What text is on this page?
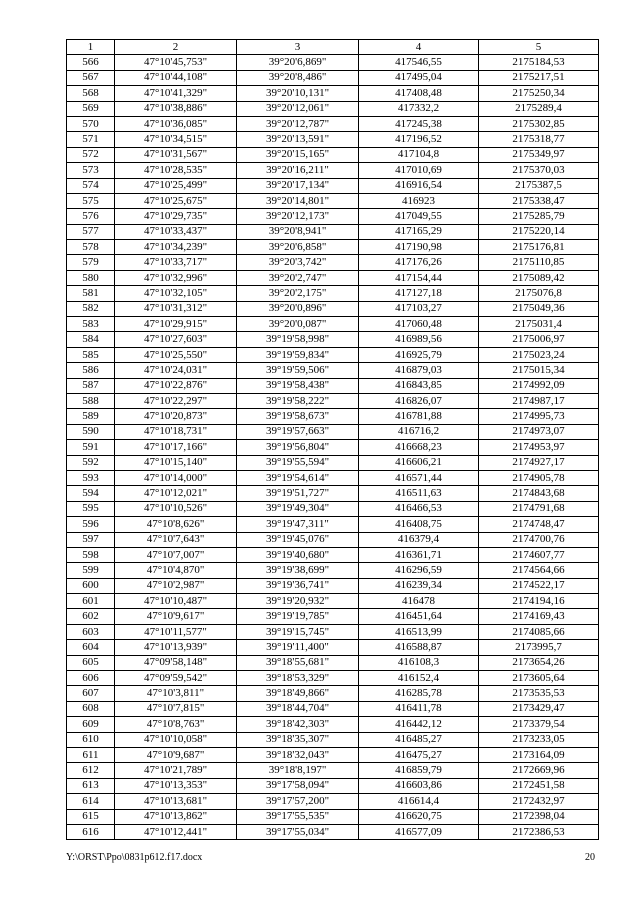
1	2	3	4	5
566	47°10'45,753"	39°20'6,869"	417546,55	2175184,53
567	47°10'44,108"	39°20'8,486"	417495,04	2175217,51
568	47°10'41,329"	39°20'10,131"	417408,48	2175250,34
569	47°10'38,886"	39°20'12,061"	417332,2	2175289,4
570	47°10'36,085"	39°20'12,787"	417245,38	2175302,85
571	47°10'34,515"	39°20'13,591"	417196,52	2175318,77
572	47°10'31,567"	39°20'15,165"	417104,8	2175349,97
573	47°10'28,535"	39°20'16,211"	417010,69	2175370,03
574	47°10'25,499"	39°20'17,134"	416916,54	2175387,5
575	47°10'25,675"	39°20'14,801"	416923	2175338,47
576	47°10'29,735"	39°20'12,173"	417049,55	2175285,79
577	47°10'33,437"	39°20'8,941"	417165,29	2175220,14
578	47°10'34,239"	39°20'6,858"	417190,98	2175176,81
579	47°10'33,717"	39°20'3,742"	417176,26	2175110,85
580	47°10'32,996"	39°20'2,747"	417154,44	2175089,42
581	47°10'32,105"	39°20'2,175"	417127,18	2175076,8
582	47°10'31,312"	39°20'0,896"	417103,27	2175049,36
583	47°10'29,915"	39°20'0,087"	417060,48	2175031,4
584	47°10'27,603"	39°19'58,998"	416989,56	2175006,97
585	47°10'25,550"	39°19'59,834"	416925,79	2175023,24
586	47°10'24,031"	39°19'59,506"	416879,03	2175015,34
587	47°10'22,876"	39°19'58,438"	416843,85	2174992,09
588	47°10'22,297"	39°19'58,222"	416826,07	2174987,17
589	47°10'20,873"	39°19'58,673"	416781,88	2174995,73
590	47°10'18,731"	39°19'57,663"	416716,2	2174973,07
591	47°10'17,166"	39°19'56,804"	416668,23	2174953,97
592	47°10'15,140"	39°19'55,594"	416606,21	2174927,17
593	47°10'14,000"	39°19'54,614"	416571,44	2174905,78
594	47°10'12,021"	39°19'51,727"	416511,63	2174843,68
595	47°10'10,526"	39°19'49,304"	416466,53	2174791,68
596	47°10'8,626"	39°19'47,311"	416408,75	2174748,47
597	47°10'7,643"	39°19'45,076"	416379,4	2174700,76
598	47°10'7,007"	39°19'40,680"	416361,71	2174607,77
599	47°10'4,870"	39°19'38,699"	416296,59	2174564,66
600	47°10'2,987"	39°19'36,741"	416239,34	2174522,17
601	47°10'10,487"	39°19'20,932"	416478	2174194,16
602	47°10'9,617"	39°19'19,785"	416451,64	2174169,43
603	47°10'11,577"	39°19'15,745"	416513,99	2174085,66
604	47°10'13,939"	39°19'11,400"	416588,87	2173995,7
605	47°09'58,148"	39°18'55,681"	416108,3	2173654,26
606	47°09'59,542"	39°18'53,329"	416152,4	2173605,64
607	47°10'3,811"	39°18'49,866"	416285,78	2173535,53
608	47°10'7,815"	39°18'44,704"	416411,78	2173429,47
609	47°10'8,763"	39°18'42,303"	416442,12	2173379,54
610	47°10'10,058"	39°18'35,307"	416485,27	2173233,05
611	47°10'9,687"	39°18'32,043"	416475,27	2173164,09
612	47°10'21,789"	39°18'8,197"	416859,79	2172669,96
613	47°10'13,353"	39°17'58,094"	416603,86	2172451,58
614	47°10'13,681"	39°17'57,200"	416614,4	2172432,97
615	47°10'13,862"	39°17'55,535"	416620,75	2172398,04
616	47°10'12,441"	39°17'55,034"	416577,09	2172386,53
Y:\ORST\Ppo\0831p612.f17.docx	20
